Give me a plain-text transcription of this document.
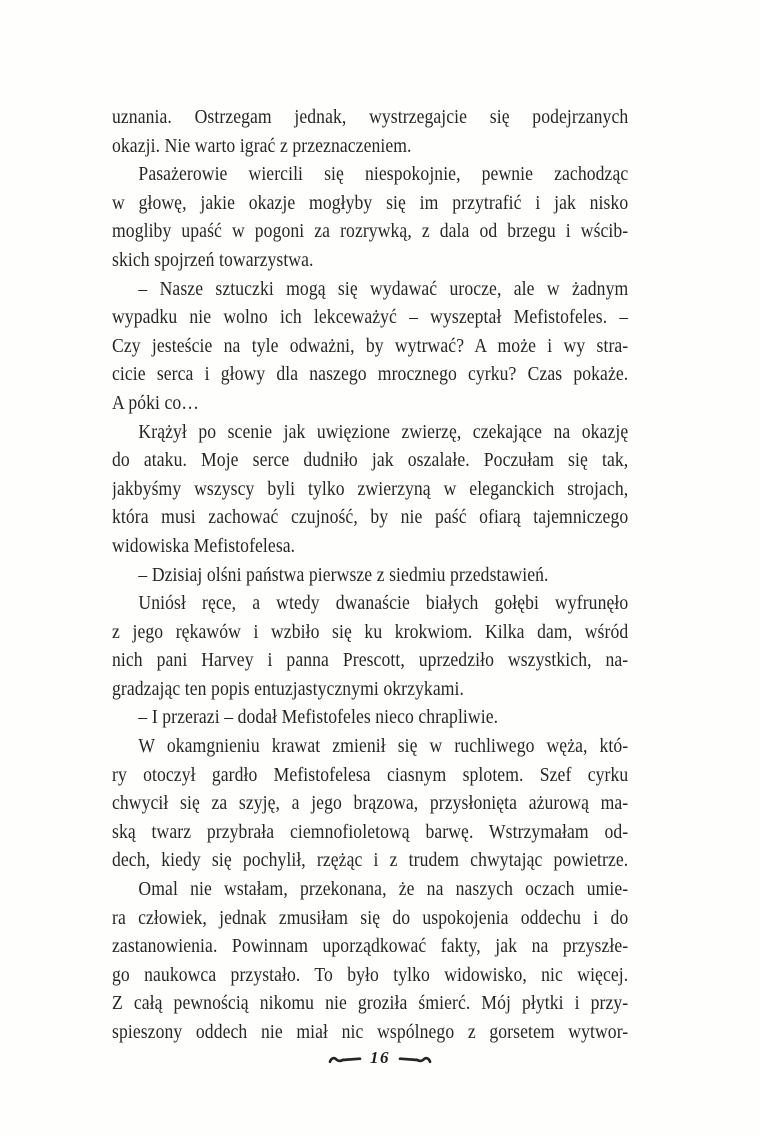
uznania. Ostrzegam jednak, wystrzegajcie się podejrzanych
okazji. Nie warto igrać z przeznaczeniem.
Pasażerowie wiercili się niespokojnie, pewnie zachodząc
w głowę, jakie okazje mogłyby się im przytrafić i jak nisko
mogliby upaść w pogoni za rozrywką, z dala od brzegu i wścib-
skich spojrzeń towarzystwa.
– Nasze sztuczki mogą się wydawać urocze, ale w żadnym
wypadku nie wolno ich lekceważyć – wyszeptał Mefistofeles. –
Czy jesteście na tyle odważni, by wytrwać? A może i wy stra-
cicie serca i głowy dla naszego mrocznego cyrku? Czas pokaże.
A póki co…
Krążył po scenie jak uwięzione zwierzę, czekające na okazję
do ataku. Moje serce dudniło jak oszalałe. Poczułam się tak,
jakbyśmy wszyscy byli tylko zwierzyną w eleganckich strojach,
która musi zachować czujność, by nie paść ofiarą tajemniczego
widowiska Mefistofelesa.
– Dzisiaj olśni państwa pierwsze z siedmiu przedstawień.
Uniósł ręce, a wtedy dwanaście białych gołębi wyfrunęło
z jego rękawów i wzbiło się ku krokwiom. Kilka dam, wśród
nich pani Harvey i panna Prescott, uprzedziło wszystkich, na-
gradzając ten popis entuzjastycznymi okrzykami.
– I przerazi – dodał Mefistofeles nieco chrapliwie.
W okamgnieniu krawat zmienił się w ruchliwego węża, któ-
ry otoczył gardło Mefistofelesa ciasnym splotem. Szef cyrku
chwycił się za szyję, a jego brązowa, przysłonięta ażurową ma-
ską twarz przybrała ciemnofioletową barwę. Wstrzymałam od-
dech, kiedy się pochylił, rzężąc i z trudem chwytając powietrze.
Omal nie wstałam, przekonana, że na naszych oczach umie-
ra człowiek, jednak zmusiłam się do uspokojenia oddechu i do
zastanowienia. Powinnam uporządkować fakty, jak na przyszłe-
go naukowca przystało. To było tylko widowisko, nic więcej.
Z całą pewnością nikomu nie groziła śmierć. Mój płytki i przy-
spieszony oddech nie miał nic wspólnego z gorsetem wytwor-
16
